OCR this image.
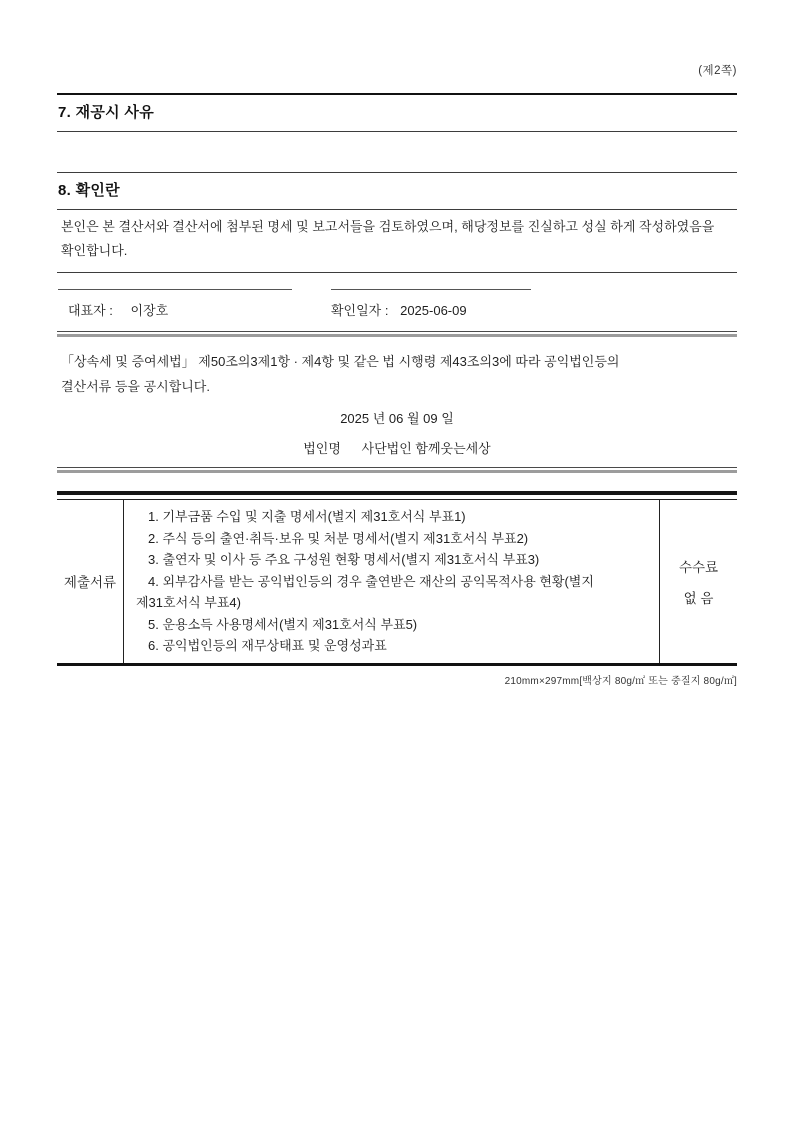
(제2쪽)
7. 재공시 사유
8. 확인란
본인은 본 결산서와 결산서에 첨부된 명세 및 보고서들을 검토하였으며, 해당정보를 진실하고 성실 하게 작성하였음을 확인합니다.
대표자 : 이장호	확인일자 : 2025-06-09
「상속세 및 증여세법」 제50조의3제1항 · 제4항 및 같은 법 시행령 제43조의3에 따라 공익법인등의
결산서류 등을 공시합니다.
2025 년 06 월 09 일
법인명 사단법인 함께웃는세상
제출서류
1. 기부금품 수입 및 지출 명세서(별지 제31호서식 부표1)
2. 주식 등의 출연·취득·보유 및 처분 명세서(별지 제31호서식 부표2)
3. 출연자 및 이사 등 주요 구성원 현황 명세서(별지 제31호서식 부표3)
4. 외부감사를 받는 공익법인등의 경우 출연받은 재산의 공익목적사용 현황(별지 제31호서식 부표4)
5. 운용소득 사용명세서(별지 제31호서식 부표5)
6. 공익법인등의 재무상태표 및 운영성과표
수수료
없 음
210mm×297mm[백상지 80g/㎡ 또는 중질지 80g/㎡]
